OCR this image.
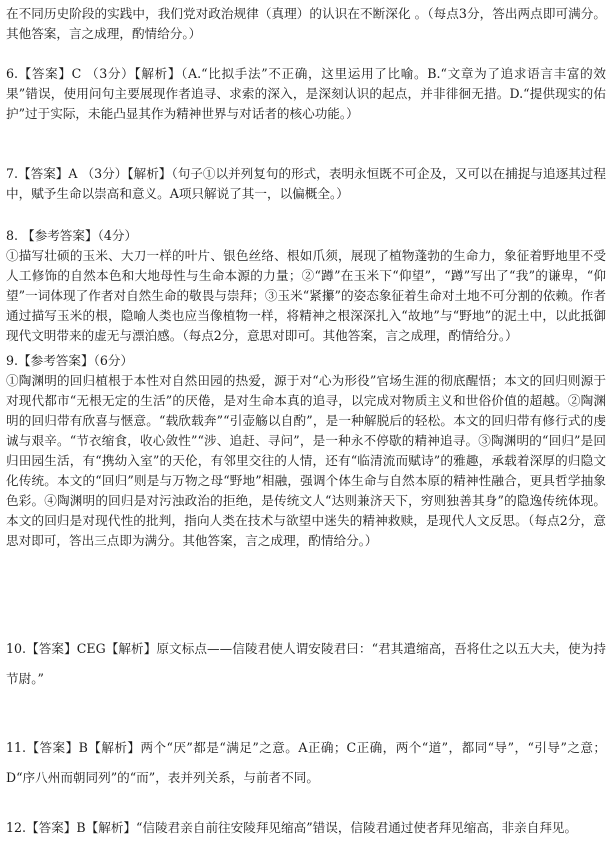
在不同历史阶段的实践中，我们党对政治规律（真理）的认识在不断深化 。（每点3分，答出两点即可满分。其他答案，言之成理，酌情给分。）

6.【答案】C （3分）【解析】（A.“比拟手法”不正确，这里运用了比喻。B.“文章为了追求语言丰富的效果”错误，使用问句主要展现作者追寻、求索的深入，是深刻认识的起点，并非徘徊无措。D.“提供现实的佑护”过于实际，未能凸显其作为精神世界与对话者的核心功能。）

7.【答案】A （3分）【解析】（句子①以并列复句的形式，表明永恒既不可企及，又可以在捕捉与追逐其过程中，赋予生命以崇高和意义。A项只解说了其一，以偏概全。）

8. 【参考答案】（4分）
①描写壮硕的玉米、大刀一样的叶片、银色丝络、根如爪须，展现了植物蓬勃的生命力，象征着野地里不受人工修饰的自然本色和大地母性与生命本源的力量；②“蹲”在玉米下“仰望”，“蹲”写出了“我”的谦卑，“仰望”一词体现了作者对自然生命的敬畏与崇拜；③玉米“紧攥”的姿态象征着生命对土地不可分割的依赖。作者通过描写玉米的根，隐喻人类也应当像植物一样，将精神之根深深扎入“故地”与“野地”的泥土中，以此抵御现代文明带来的虚无与漂泊感。（每点2分，意思对即可。其他答案，言之成理，酌情给分。）
9.【参考答案】（6分）
①陶渊明的回归植根于本性对自然田园的热爱，源于对“心为形役”官场生涯的彻底醒悟；本文的回归则源于对现代都市“无根无定的生活”的厌倦，是对生命本真的追寻，以完成对物质主义和世俗价值的超越。②陶渊明的回归带有欣喜与惬意。“载欣载奔”“引壶觞以自酌”，是一种解脱后的轻松。本文的回归带有修行式的虔诚与艰辛。“节衣缩食，收心敛性”“涉、追赶、寻问”，是一种永不停歇的精神追寻。③陶渊明的“回归”是回归田园生活，有“携幼入室”的天伦，有邻里交往的人情，还有“临清流而赋诗”的雅趣，承载着深厚的归隐文化传统。本文的“回归”则是与万物之母“野地”相融，强调个体生命与自然本原的精神性融合，更具哲学抽象色彩。④陶渊明的回归是对污浊政治的拒绝，是传统文人“达则兼济天下，穷则独善其身”的隐逸传统体现。本文的回归是对现代性的批判，指向人类在技术与欲望中迷失的精神救赎，是现代人文反思。（每点2分，意思对即可，答出三点即为满分。其他答案，言之成理，酌情给分。）

10.【答案】CEG【解析】原文标点——信陵君使人谓安陵君曰：“君其遣缩高，吾将仕之以五大夫，使为持节尉。”

11.【答案】B【解析】两个“厌”都是“满足”之意。A正确；C正确，两个“道”，都同“导”，“引导”之意；D“序八州而朝同列”的“而”，表并列关系，与前者不同。

12.【答案】B【解析】“信陵君亲自前往安陵拜见缩高”错误，信陵君通过使者拜见缩高，非亲自拜见。
